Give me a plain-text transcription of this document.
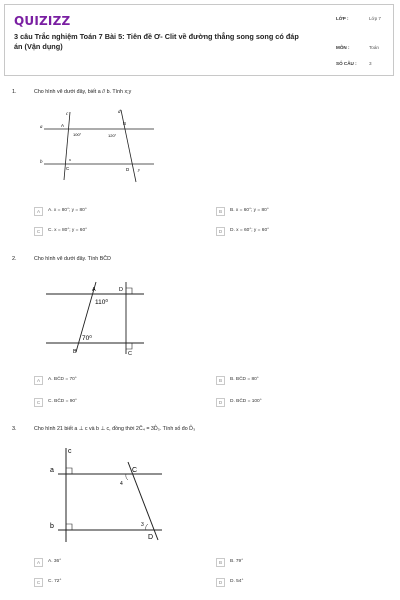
QUIZIZZ
3 câu Trắc nghiệm Toán 7 Bài 5: Tiên đề Ơ- Clit về đường thẳng song song có đáp án (Vận dụng)
LỚP :	Lớp 7
MÔN :	Toán
SỐ CÂU :	3
1.	Cho hình vẽ dưới đây, biết a // b. Tính x;y
a
b
c	d
A	B
C	D
100°	120°
x
y
A	A. x = 80°; y = 80°	B	B. x = 60°; y = 80°
C	C. x = 80°; y = 60°	D	D. x = 60°; y = 60°
2.	Cho hình vẽ dưới đây. Tính BĈD
A	D
B	C
110⁰
70⁰
A	A. BĈD = 70°	B	B. BĈD = 80°
C	C. BĈD = 90°	D	D. BĈD = 100°
3.	Cho hình 21 biết a ⊥ c và b ⊥ c, đồng thời 2Ĉ₄ = 3D̂₃. Tính số đo D̂₃
c
a
b
C
4
3
D
A	A. 36°	B	B. 79°
C	C. 72°	D	D. 54°
